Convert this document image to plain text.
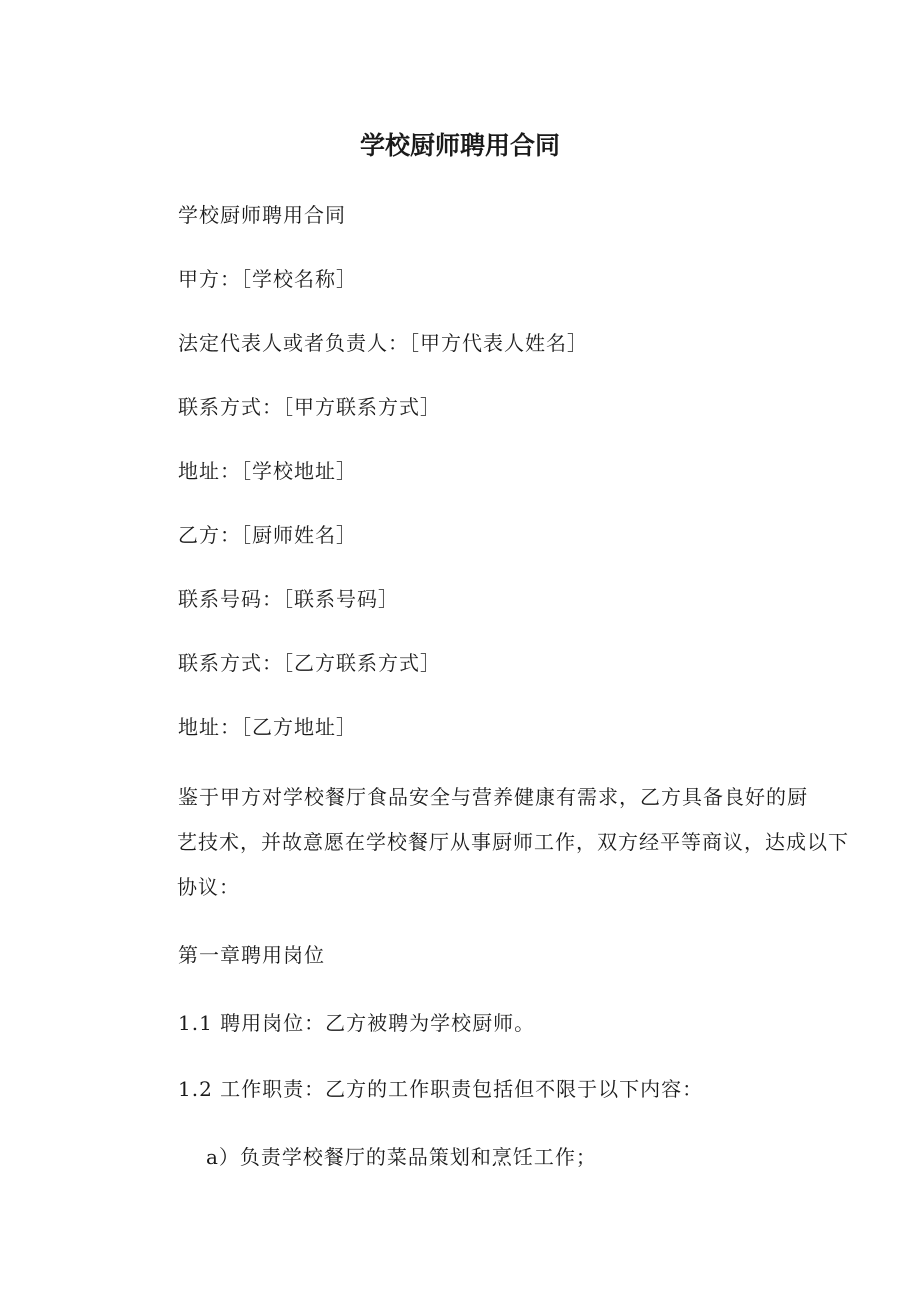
学校厨师聘用合同
学校厨师聘用合同
甲方：［学校名称］
法定代表人或者负责人：［甲方代表人姓名］
联系方式：［甲方联系方式］
地址：［学校地址］
乙方：［厨师姓名］
联系号码：［联系号码］
联系方式：［乙方联系方式］
地址：［乙方地址］
鉴于甲方对学校餐厅食品安全与营养健康有需求，乙方具备良好的厨
艺技术，并故意愿在学校餐厅从事厨师工作，双方经平等商议，达成以下
协议：
第一章聘用岗位
1.1 聘用岗位：乙方被聘为学校厨师。
1.2 工作职责：乙方的工作职责包括但不限于以下内容：
a）负责学校餐厅的菜品策划和烹饪工作；
